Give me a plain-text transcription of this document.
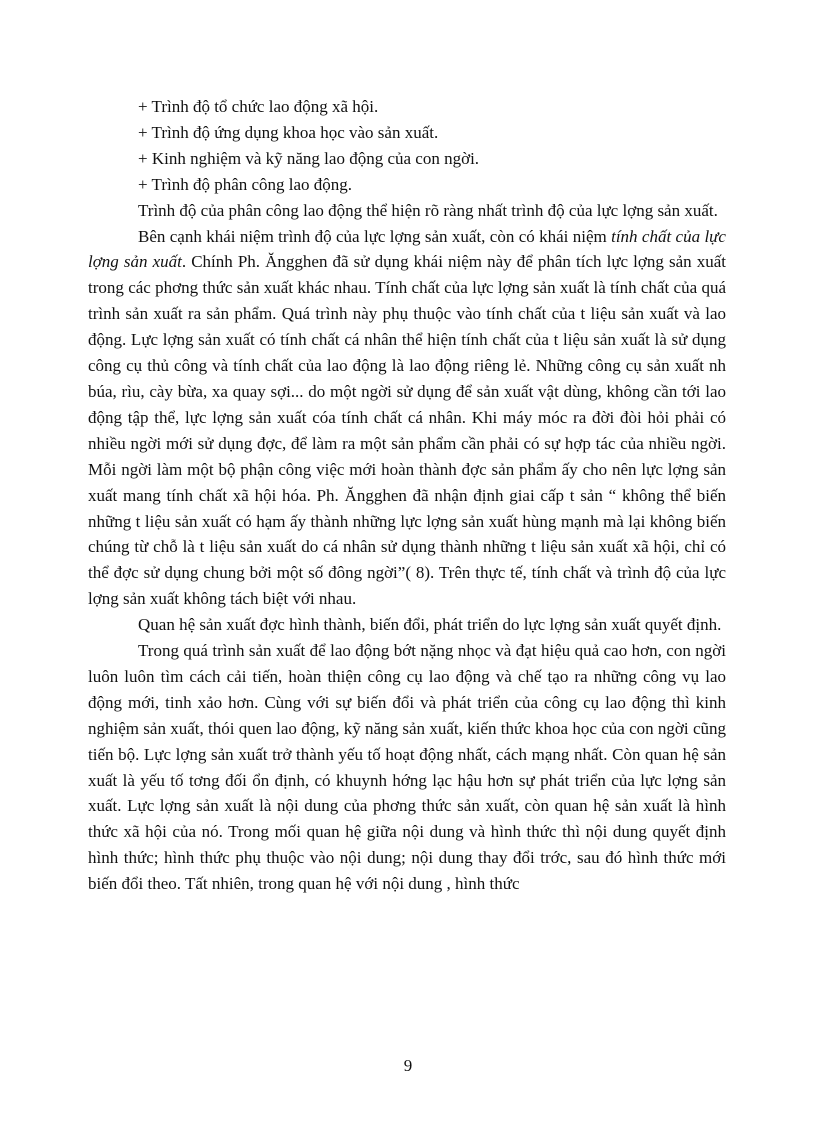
+ Trình độ tổ chức lao động xã hội.

+ Trình độ ứng dụng khoa học vào sản xuất.

+ Kinh nghiệm và kỹ năng lao động của con ngời.

+ Trình độ phân công lao động.

Trình độ của phân công lao động thể hiện rõ ràng nhất trình độ của lực lợng sản xuất.

Bên cạnh khái niệm trình độ của lực lợng sản xuất, còn có khái niệm tính chất của lực lợng sản xuất. Chính Ph. Ăngghen đã sử dụng khái niệm này để phân tích lực lợng sản xuất trong các phơng thức sản xuất khác nhau. Tính chất của lực lợng sản xuất là tính chất của quá trình sản xuất ra sản phẩm. Quá trình này phụ thuộc vào tính chất của t liệu sản xuất và lao động. Lực lợng sản xuất có tính chất cá nhân thể hiện tính chất của t liệu sản xuất là sử dụng công cụ thủ công và tính chất của lao động là lao động riêng lẻ. Những công cụ sản xuất nh búa, rìu, cày bừa, xa quay sợi... do một ngời sử dụng để sản xuất vật dùng, không cần tới lao động tập thể, lực lợng sản xuất cóa tính chất cá nhân. Khi máy móc ra đời đòi hỏi phải có nhiều ngời mới sử dụng đợc, để làm ra một sản phẩm cần phải có sự hợp tác của nhiều ngời. Mỗi ngời làm một bộ phận công việc mới hoàn thành đợc sản phẩm ấy cho nên lực lợng sản xuất mang tính chất xã hội hóa. Ph. Ăngghen đã nhận định giai cấp t sản “ không thể biến những t liệu sản xuất có hạm ấy thành những lực lợng sản xuất hùng mạnh mà lại không biến chúng từ chỗ là t liệu sản xuất do cá nhân sử dụng thành những t liệu sản xuất xã hội, chỉ có thể đợc sử dụng chung bởi một số đông ngời”( 8). Trên thực tế, tính chất và trình độ của lực lợng sản xuất không tách biệt với nhau.

Quan hệ sản xuất đợc hình thành, biến đổi, phát triển do lực lợng sản xuất quyết định.

Trong quá trình sản xuất để lao động bớt nặng nhọc và đạt hiệu quả cao hơn, con ngời luôn luôn tìm cách cải tiến, hoàn thiện công cụ lao động và chế tạo ra những công vụ lao động mới, tinh xảo hơn. Cùng với sự biến đổi và phát triển của công cụ lao động thì kinh nghiệm sản xuất, thói quen lao động, kỹ năng sản xuất, kiến thức khoa học của con ngời cũng tiến bộ. Lực lợng sản xuất trở thành yếu tố hoạt động nhất, cách mạng nhất. Còn quan hệ sản xuất là yếu tố tơng đối ổn định, có khuynh hớng lạc hậu hơn sự phát triển của lực lợng sản xuất. Lực lợng sản xuất là nội dung của phơng thức sản xuất, còn quan hệ sản xuất là hình thức xã hội của nó. Trong mối quan hệ giữa nội dung và hình thức thì nội dung quyết định hình thức; hình thức phụ thuộc vào nội dung; nội dung thay đổi trớc, sau đó hình thức mới biến đổi theo. Tất nhiên, trong quan hệ với nội dung , hình thức

9
